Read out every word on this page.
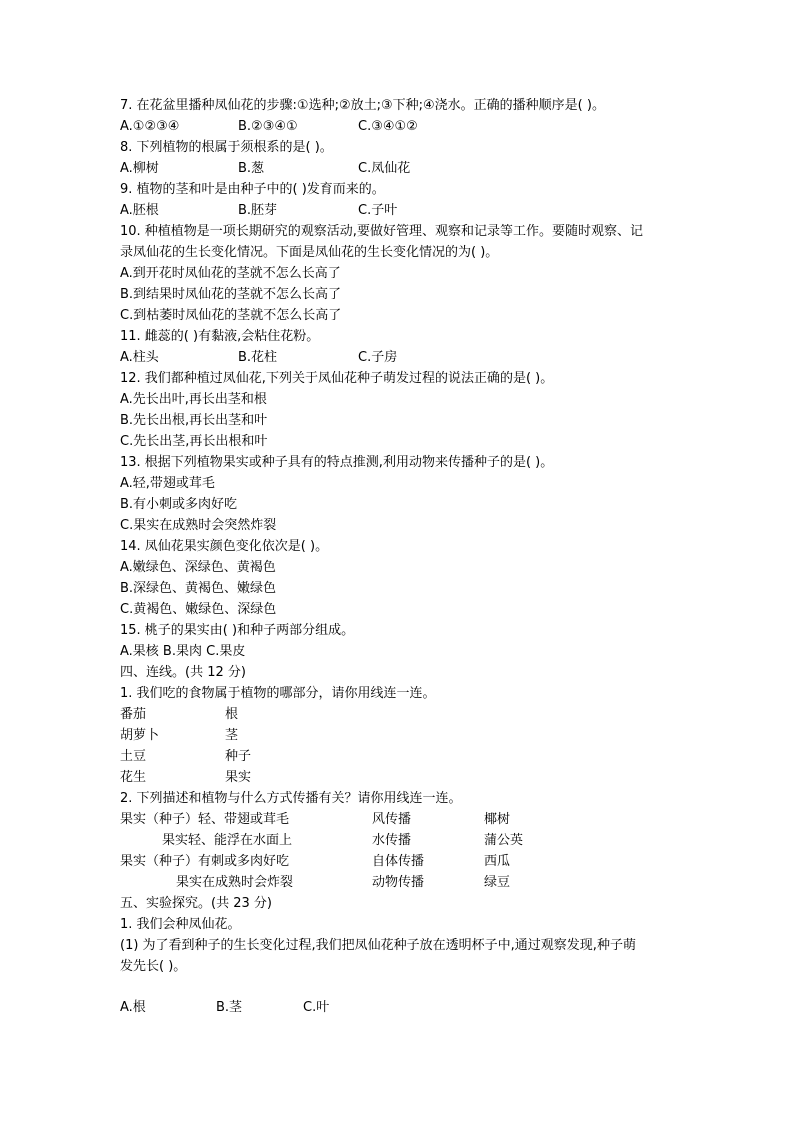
7. 在花盆里播种凤仙花的步骤:①选种;②放土;③下种;④浇水。正确的播种顺序是( )。
A.①②③④	B.②③④①	C.③④①②
8. 下列植物的根属于须根系的是( )。
A.柳树	B.葱	C.凤仙花
9. 植物的茎和叶是由种子中的( )发育而来的。
A.胚根	B.胚芽	C.子叶
10. 种植植物是一项长期研究的观察活动,要做好管理、观察和记录等工作。要随时观察、记
录凤仙花的生长变化情况。下面是凤仙花的生长变化情况的为( )。
A.到开花时凤仙花的茎就不怎么长高了
B.到结果时凤仙花的茎就不怎么长高了
C.到枯萎时凤仙花的茎就不怎么长高了
11. 雌蕊的( )有黏液,会粘住花粉。
A.柱头	B.花柱	C.子房
12. 我们都种植过凤仙花,下列关于凤仙花种子萌发过程的说法正确的是( )。
A.先长出叶,再长出茎和根
B.先长出根,再长出茎和叶
C.先长出茎,再长出根和叶
13. 根据下列植物果实或种子具有的特点推测,利用动物来传播种子的是( )。
A.轻,带翅或茸毛
B.有小刺或多肉好吃
C.果实在成熟时会突然炸裂
14. 凤仙花果实颜色变化依次是( )。
A.嫩绿色、深绿色、黄褐色
B.深绿色、黄褐色、嫩绿色
C.黄褐色、嫩绿色、深绿色
15. 桃子的果实由( )和种子两部分组成。
A.果核 B.果肉 C.果皮
四、连线。(共 12 分)
1. 我们吃的食物属于植物的哪部分，请你用线连一连。
番茄	根
胡萝卜	茎
土豆	种子
花生	果实
2. 下列描述和植物与什么方式传播有关？请你用线连一连。
果实（种子）轻、带翅或茸毛	风传播	椰树
果实轻、能浮在水面上	水传播	蒲公英
果实（种子）有刺或多肉好吃	自体传播	西瓜
果实在成熟时会炸裂	动物传播	绿豆
五、实验探究。(共 23 分)
1. 我们会种凤仙花。
(1) 为了看到种子的生长变化过程,我们把凤仙花种子放在透明杯子中,通过观察发现,种子萌
发先长( )。
A.根	B.茎	C.叶
